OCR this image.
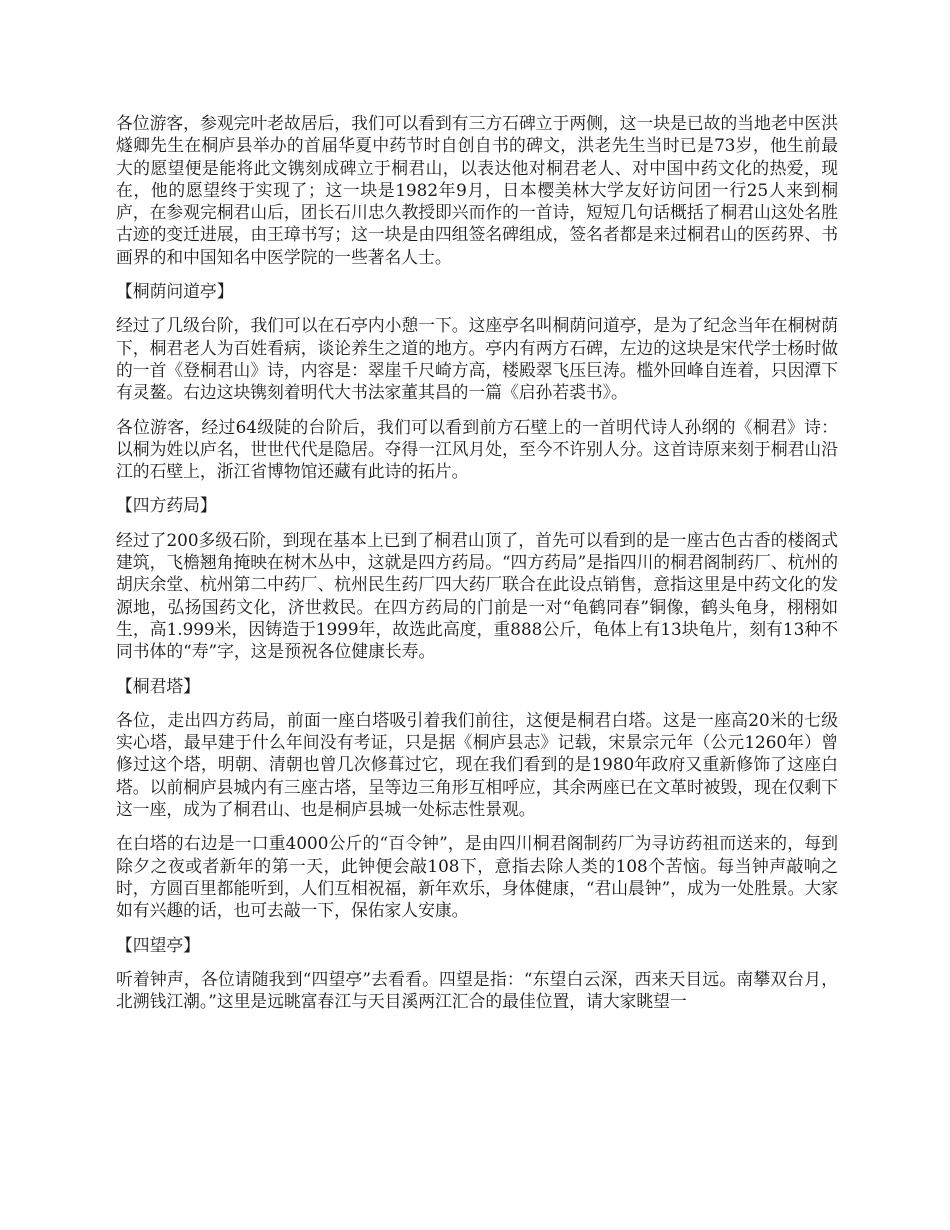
各位游客，参观完叶老故居后，我们可以看到有三方石碑立于两侧，这一块是已故的当地老中医洪燧卿先生在桐庐县举办的首届华夏中药节时自创自书的碑文，洪老先生当时已是73岁，他生前最大的愿望便是能将此文镌刻成碑立于桐君山，以表达他对桐君老人、对中国中药文化的热爱，现在，他的愿望终于实现了；这一块是1982年9月，日本樱美林大学友好访问团一行25人来到桐庐，在参观完桐君山后，团长石川忠久教授即兴而作的一首诗，短短几句话概括了桐君山这处名胜古迹的变迁进展，由王璋书写；这一块是由四组签名碑组成，签名者都是来过桐君山的医药界、书画界的和中国知名中医学院的一些著名人士。

【桐荫问道亭】

经过了几级台阶，我们可以在石亭内小憩一下。这座亭名叫桐荫问道亭，是为了纪念当年在桐树荫下，桐君老人为百姓看病，谈论养生之道的地方。亭内有两方石碑，左边的这块是宋代学士杨时做的一首《登桐君山》诗，内容是：翠崖千尺崎方高，楼殿翠飞压巨涛。槛外回峰自连着，只因潭下有灵鳌。右边这块镌刻着明代大书法家董其昌的一篇《启孙若裘书》。

各位游客，经过64级陡的台阶后，我们可以看到前方石壁上的一首明代诗人孙纲的《桐君》诗：以桐为姓以庐名，世世代代是隐居。夺得一江风月处，至今不许别人分。这首诗原来刻于桐君山沿江的石壁上，浙江省博物馆还藏有此诗的拓片。

【四方药局】

经过了200多级石阶，到现在基本上已到了桐君山顶了，首先可以看到的是一座古色古香的楼阁式建筑，飞檐翘角掩映在树木丛中，这就是四方药局。“四方药局”是指四川的桐君阁制药厂、杭州的胡庆余堂、杭州第二中药厂、杭州民生药厂四大药厂联合在此设点销售，意指这里是中药文化的发源地，弘扬国药文化，济世救民。在四方药局的门前是一对“龟鹤同春”铜像，鹤头龟身，栩栩如生，高1.999米，因铸造于1999年，故选此高度，重888公斤，龟体上有13块龟片，刻有13种不同书体的“寿”字，这是预祝各位健康长寿。

【桐君塔】

各位，走出四方药局，前面一座白塔吸引着我们前往，这便是桐君白塔。这是一座高20米的七级实心塔，最早建于什么年间没有考证，只是据《桐庐县志》记载，宋景宗元年（公元1260年）曾修过这个塔，明朝、清朝也曾几次修葺过它，现在我们看到的是1980年政府又重新修饰了这座白塔。以前桐庐县城内有三座古塔，呈等边三角形互相呼应，其余两座已在文革时被毁，现在仅剩下这一座，成为了桐君山、也是桐庐县城一处标志性景观。

在白塔的右边是一口重4000公斤的“百令钟”，是由四川桐君阁制药厂为寻访药祖而送来的，每到除夕之夜或者新年的第一天，此钟便会敲108下，意指去除人类的108个苦恼。每当钟声敲响之时，方圆百里都能听到，人们互相祝福，新年欢乐，身体健康，“君山晨钟”，成为一处胜景。大家如有兴趣的话，也可去敲一下，保佑家人安康。

【四望亭】

听着钟声，各位请随我到“四望亭”去看看。四望是指：“东望白云深，西来天目远。南攀双台月，北溯钱江潮。”这里是远眺富春江与天目溪两江汇合的最佳位置，请大家眺望一
